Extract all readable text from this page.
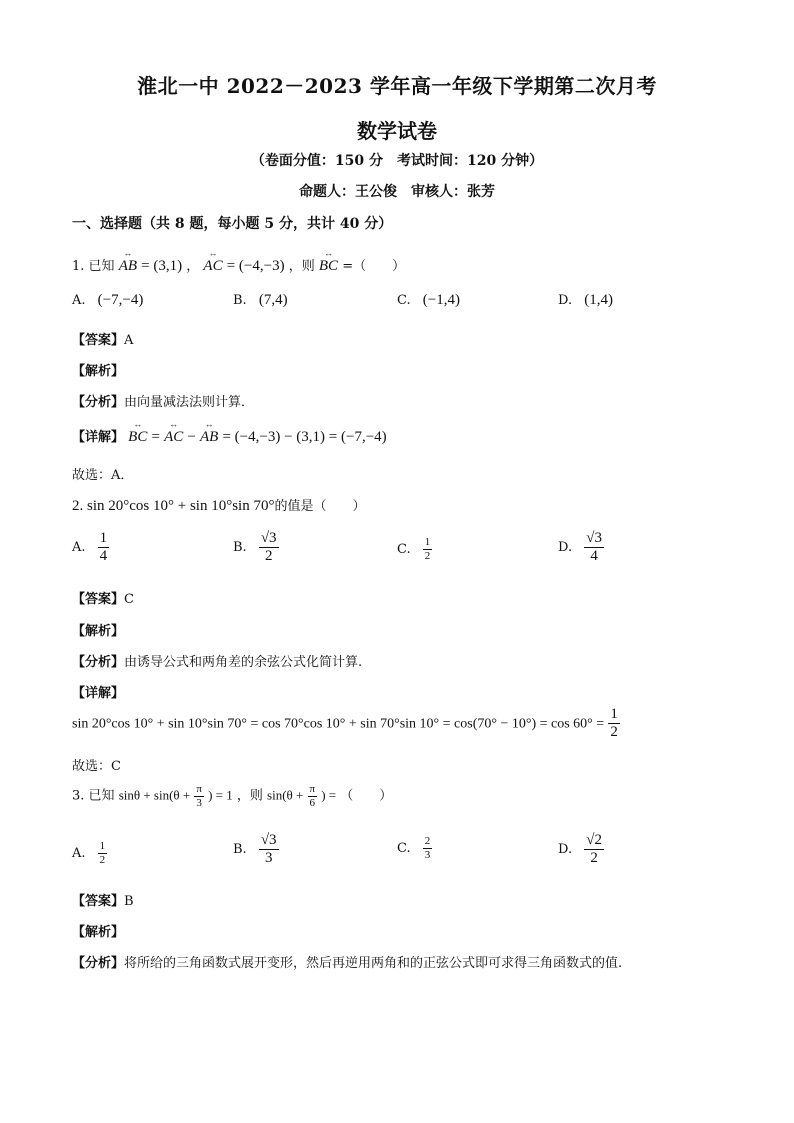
淮北一中 2022－2023 学年高一年级下学期第二次月考
数学试卷
（卷面分值：150 分　考试时间：120 分钟）
命题人：王公俊　审核人：张芳
一、选择题（共 8 题，每小题 5 分，共计 40 分）
1. 已知 ↔ AB = (3,1) ， ↔ AC = (−4,−3) ，则 ↔ BC =（　　）
A. (−7,−4)	B. (7,4)	C. (−1,4)	D. (1,4)
【答案】A
【解析】
【分析】由向量减法法则计算．
【详解】 ↔ BC = ↔ AC − ↔ AB = (−4,−3) − (3,1) = (−7,−4)
故选：A．
2. sin 20°cos 10° + sin 10°sin 70°的值是（　　）
A. $\frac{1}{4}$	B. $\frac{√3}{2}$	C. $\frac{1}{2}$	D. $\frac{√3}{4}$
【答案】C
【解析】
【分析】由诱导公式和两角差的余弦公式化简计算.
【详解】
sin 20°cos 10° + sin 10°sin 70° = cos 70°cos 10° + sin 70°sin $10^\circ = \cos(70^\circ - 10^\circ) = \cos 60^\circ = \frac{1}{2}$
故选：C
3. 已知 $\sin\theta + \sin(\theta + \frac{\pi}{3}$ ) = 1 ，则 $\sin(\theta + \frac{\pi}{6}$ ) = （　　）
A. $\frac{1}{2}$	B. $\frac{√3}{3}$	C. $\frac{2}{3}$	D. $\frac{√2}{2}$
【答案】B
【解析】
【分析】将所给的三角函数式展开变形，然后再逆用两角和的正弦公式即可求得三角函数式的值.
